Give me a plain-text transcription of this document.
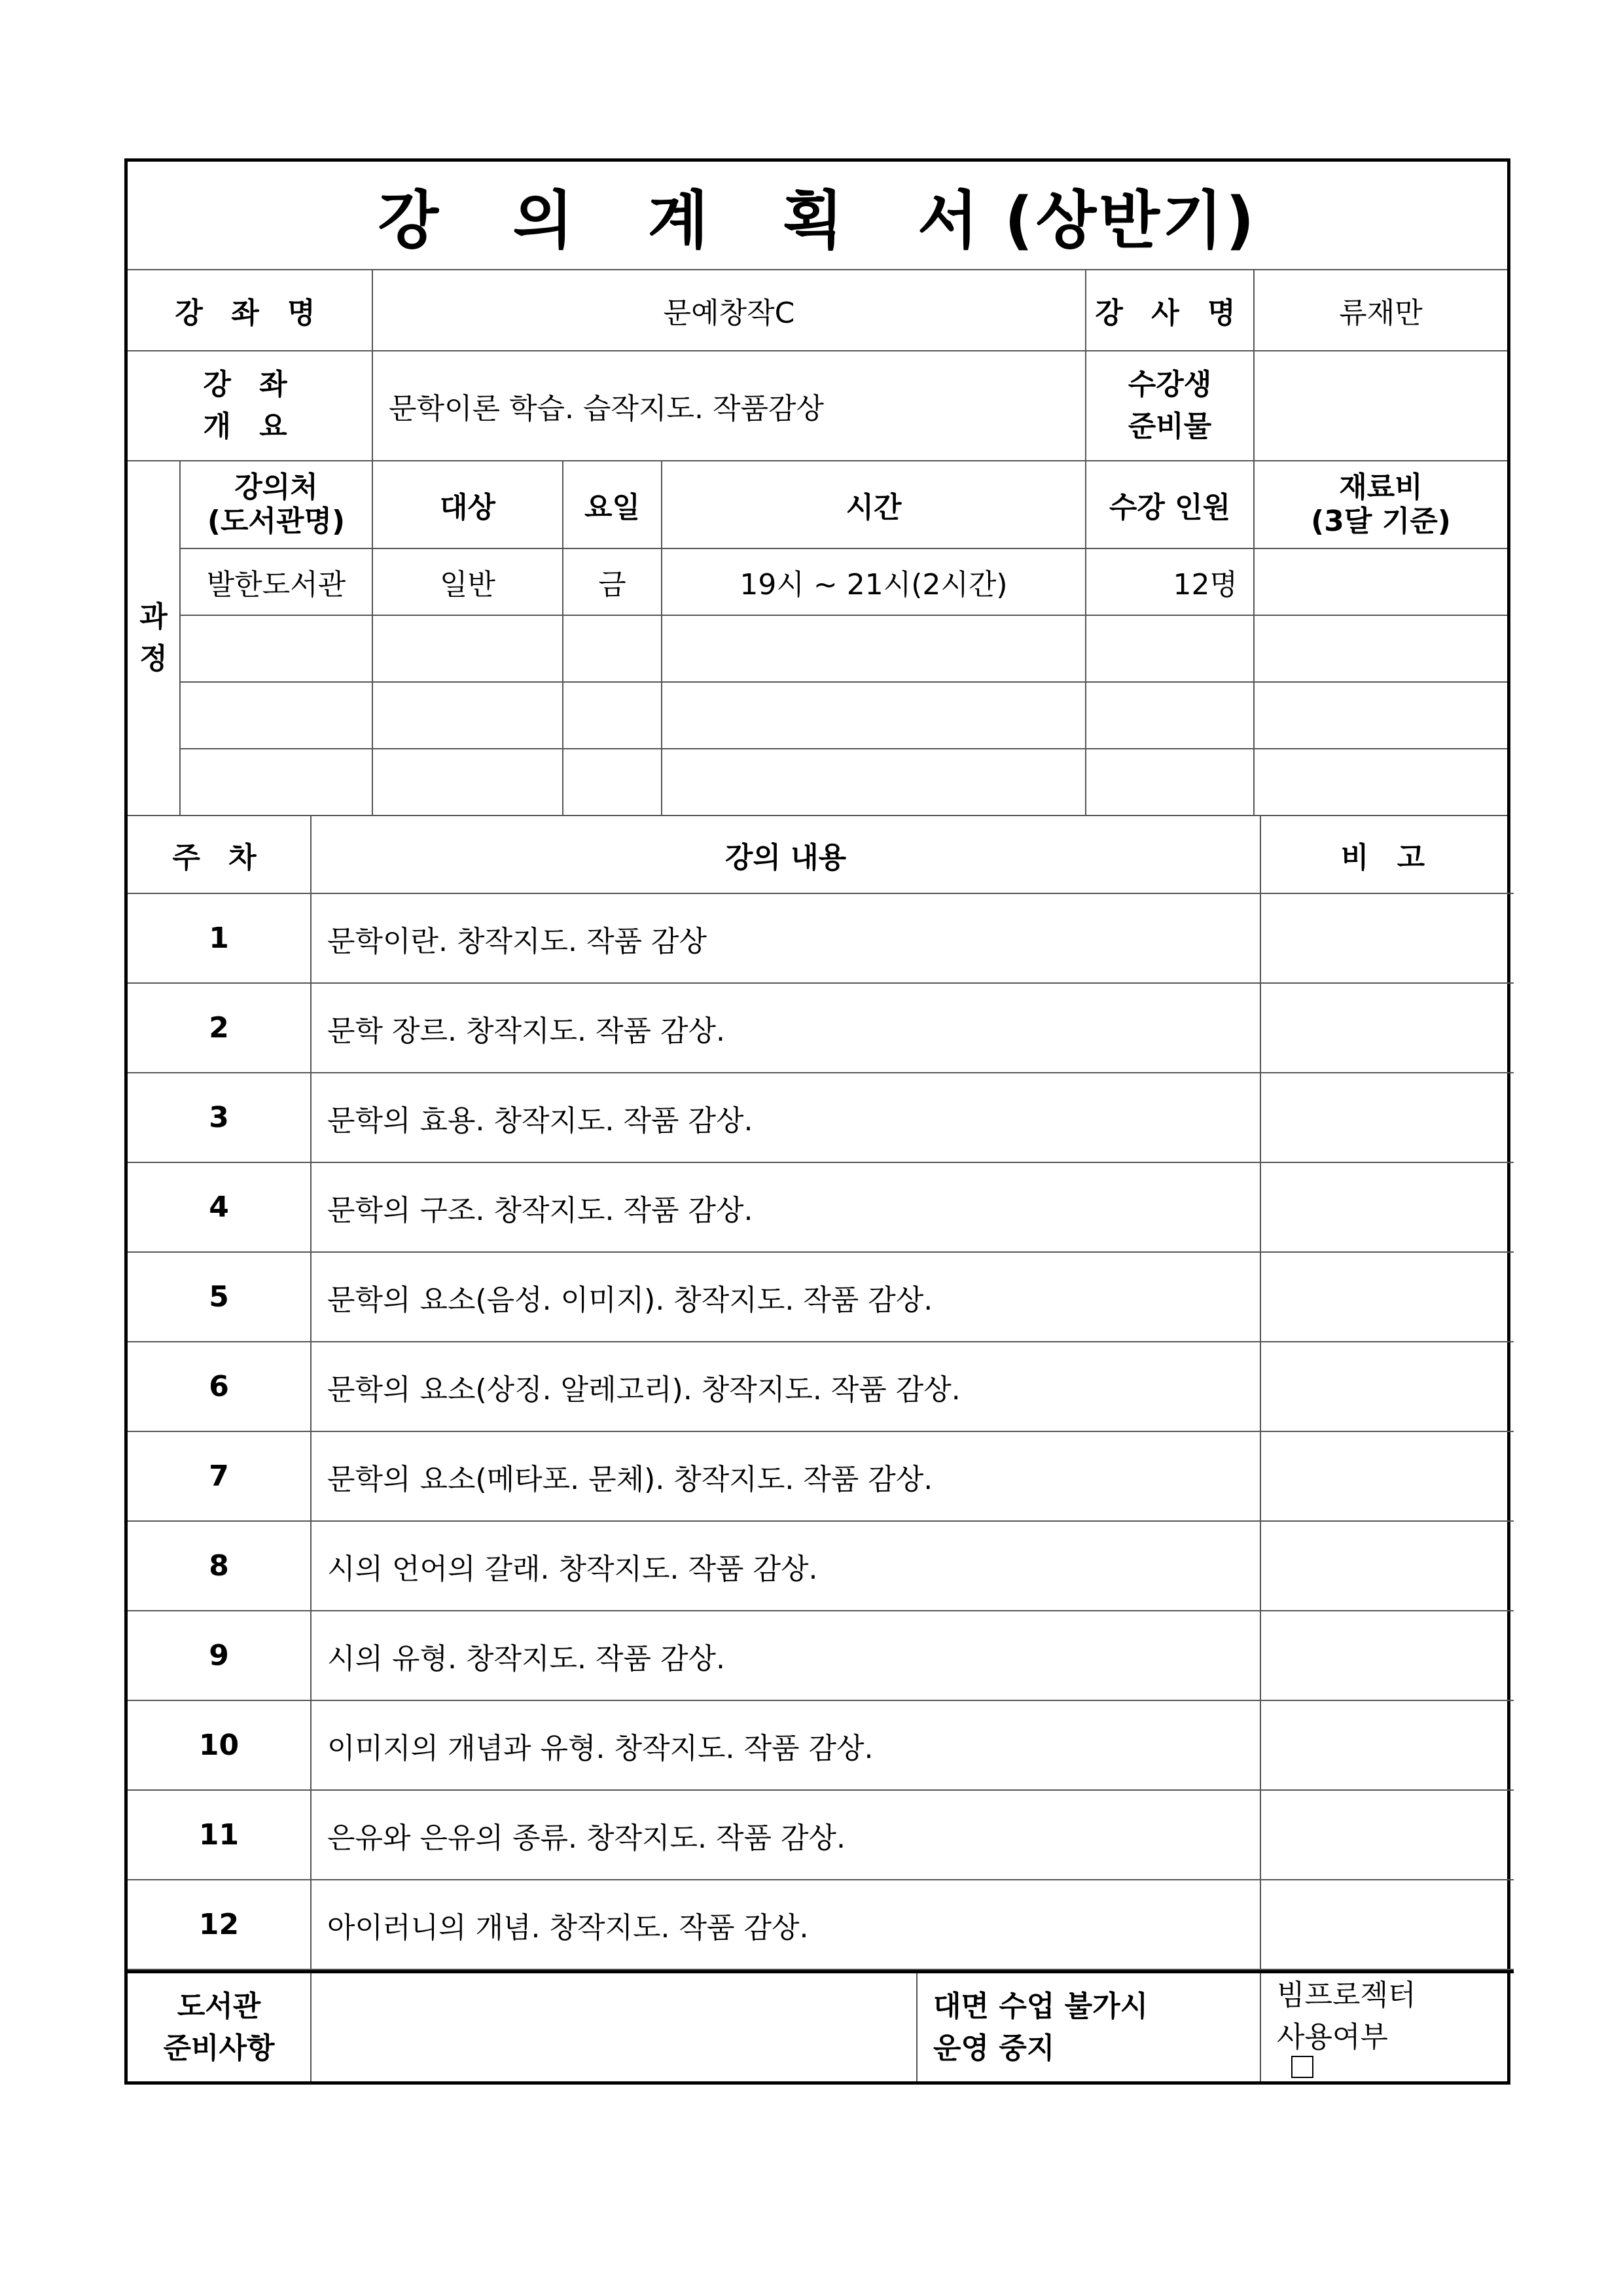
강 의 계 획 서(상반기)						
강 좌 명		문예창작C			강 사 명	류재만

강 좌
개 요		문학이론 학습. 습작지도. 작품감상			수강생
준비물	

과
정	강의처
(도서관명)	대상	요일	시간	수강 인원	재료비
(3달 기준)

	발한도서관	일반	금	19시 ~ 21시(2시간)	12명	

주 차	강의 내용	비 고
1	문학이란. 창작지도. 작품 감상	
2	문학 장르. 창작지도. 작품 감상.	
3	문학의 효용. 창작지도. 작품 감상.	
4	문학의 구조. 창작지도. 작품 감상.	
5	문학의 요소(음성. 이미지). 창작지도. 작품 감상.	
6	문학의 요소(상징. 알레고리). 창작지도. 작품 감상.	
7	문학의 요소(메타포. 문체). 창작지도. 작품 감상.	
8	시의 언어의 갈래. 창작지도. 작품 감상.	
9	시의 유형. 창작지도. 작품 감상.	
10	이미지의 개념과 유형. 창작지도. 작품 감상.	
11	은유와 은유의 종류. 창작지도. 작품 감상.	
12	아이러니의 개념. 창작지도. 작품 감상.	
도서관
준비사항

대면 수업 불가시
운영 중지

빔프로젝터
사용여부
